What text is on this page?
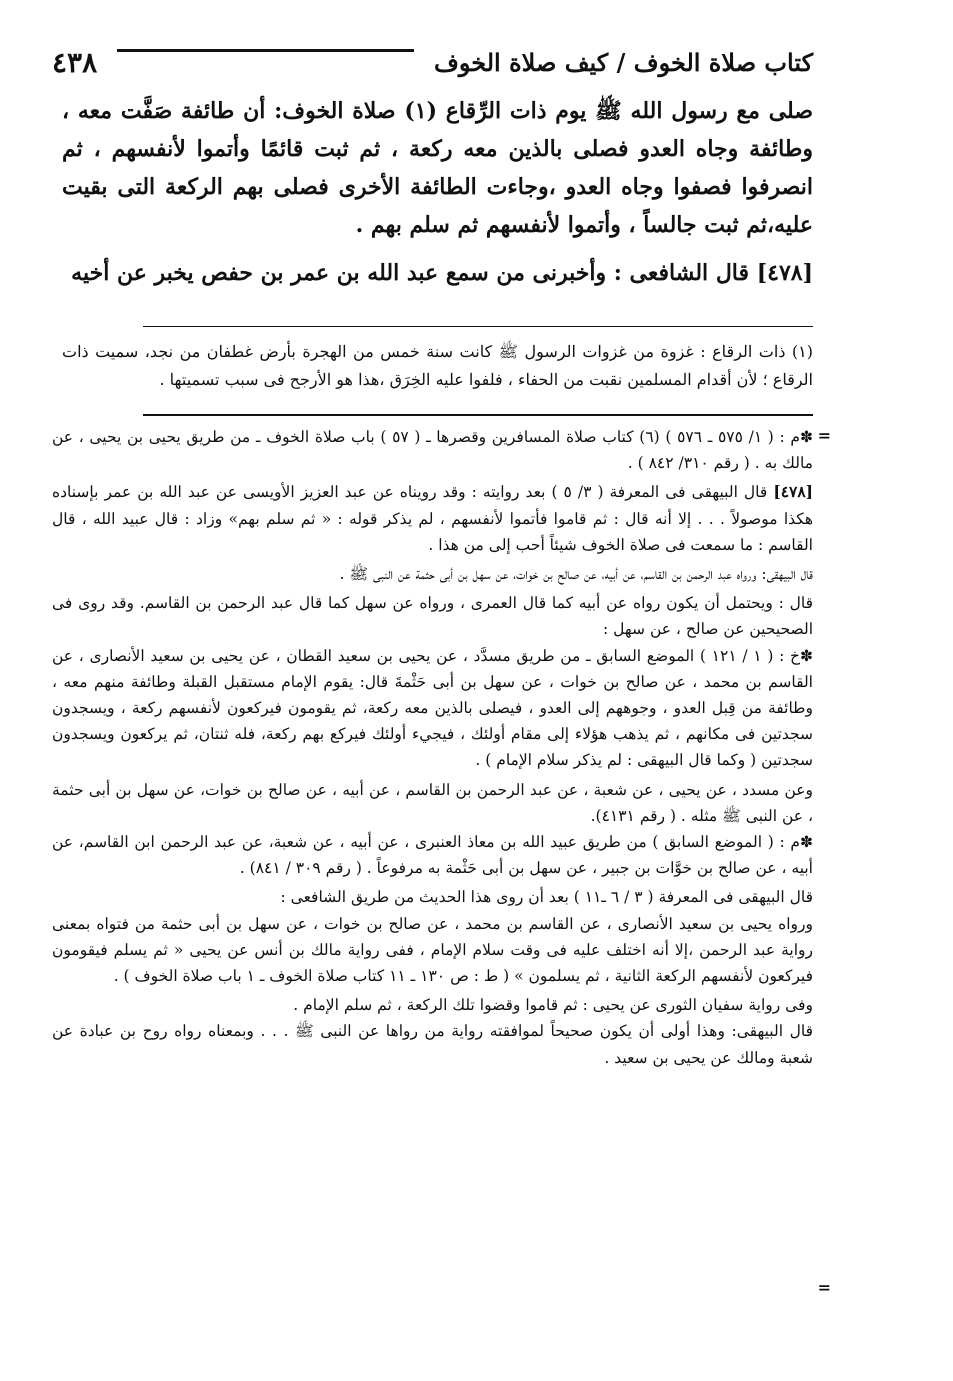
كتاب صلاة الخوف / كيف صلاة الخوف
٤٣٨

صلى مع رسول الله ﷺ يوم ذات الرِّقاع (١) صلاة الخوف: أن طائفة صَفَّت معه ، وطائفة وجاه العدو فصلى بالذين معه ركعة ، ثم ثبت قائمًا وأتموا لأنفسهم ، ثم انصرفوا فصفوا وجاه العدو ،وجاءت الطائفة الأخرى فصلى بهم الركعة التى بقيت عليه،ثم ثبت جالساً ، وأتموا لأنفسهم ثم سلم بهم .

[٤٧٨] قال الشافعى : وأخبرنى من سمع عبد الله بن عمر بن حفص يخبر عن أخيه

(١) ذات الرقاع : غزوة من غزوات الرسول ﷺ كانت سنة خمس من الهجرة بأرض غطفان من نجد، سميت ذات الرقاع ؛ لأن أقدام المسلمين نقبت من الحفاء ، فلفوا عليه الخِرَق ،هذا هو الأرجح فى سبب تسميتها .

=

✽م : ( ١/ ٥٧٥ ـ ٥٧٦ ) (٦) كتاب صلاة المسافرين وقصرها ـ ( ٥٧ ) باب صلاة الخوف ـ من طريق يحيى بن يحيى ، عن مالك به . ( رقم ٣١٠/ ٨٤٢ ) .

[٤٧٨] قال البيهقى فى المعرفة ( ٣/ ٥ ) بعد روايته : وقد رويناه عن عبد العزيز الأويسى عن عبد الله بن عمر بإسناده هكذا موصولاً . . . إلا أنه قال : ثم قاموا فأتموا لأنفسهم ، لم يذكر قوله : « ثم سلم بهم» وزاد : قال عبيد الله ، قال القاسم : ما سمعت فى صلاة الخوف شيئاً أحب إلى من هذا .

قال البيهقى: ورواه عبد الرحمن بن القاسم، عن أبيه، عن صالح بن خوات، عن سهل بن أبى حثمة عن النبى ﷺ .

قال : ويحتمل أن يكون رواه عن أبيه كما قال العمرى ، ورواه عن سهل كما قال عبد الرحمن بن القاسم. وقد روى فى الصحيحين عن صالح ، عن سهل :

✽خ : ( ١ / ١٢١ ) الموضع السابق ـ من طريق مسدَّد ، عن يحيى بن سعيد القطان ، عن يحيى بن سعيد الأنصارى ، عن القاسم بن محمد ، عن صالح بن خوات ، عن سهل بن أبى حَثْمةَ قال: يقوم الإمام مستقبل القبلة وطائفة منهم معه ، وطائفة من قِبل العدو ، وجوههم إلى العدو ، فيصلى بالذين معه ركعة، ثم يقومون فيركعون لأنفسهم ركعة ، ويسجدون سجدتين فى مكانهم ، ثم يذهب هؤلاء إلى مقام أولئك ، فيجيء أولئك فيركع بهم ركعة، فله ثنتان، ثم يركعون ويسجدون سجدتين ( وكما قال البيهقى : لم يذكر سلام الإمام ) .

وعن مسدد ، عن يحيى ، عن شعبة ، عن عبد الرحمن بن القاسم ، عن أبيه ، عن صالح بن خوات، عن سهل بن أبى حثمة ، عن النبى ﷺ مثله . ( رقم ٤١٣١).

✽م : ( الموضع السابق ) من طريق عبيد الله بن معاذ العنبرى ، عن أبيه ، عن شعبة، عن عبد الرحمن ابن القاسم، عن أبيه ، عن صالح بن خوَّات بن جبير ، عن سهل بن أبى حَثْمة به مرفوعاً . ( رقم ٣٠٩ / ٨٤١) .

قال البيهقى فى المعرفة ( ٣ / ٦ ـ١١ ) بعد أن روى هذا الحديث من طريق الشافعى :

ورواه يحيى بن سعيد الأنصارى ، عن القاسم بن محمد ، عن صالح بن خوات ، عن سهل بن أبى حثمة من فتواه بمعنى رواية عبد الرحمن ،إلا أنه اختلف عليه فى وقت سلام الإمام ، ففى رواية مالك بن أنس عن يحيى « ثم يسلم فيقومون فيركعون لأنفسهم الركعة الثانية ، ثم يسلمون » ( ط : ص ١٣٠ ـ ١١ كتاب صلاة الخوف ـ ١ باب صلاة الخوف ) .

وفى رواية سفيان الثورى عن يحيى : ثم قاموا وقضوا تلك الركعة ، ثم سلم الإمام .

قال البيهقى: وهذا أولى أن يكون صحيحاً لموافقته رواية من رواها عن النبى ﷺ . . . وبمعناه رواه روح بن عبادة عن شعبة ومالك عن يحيى بن سعيد .

=
